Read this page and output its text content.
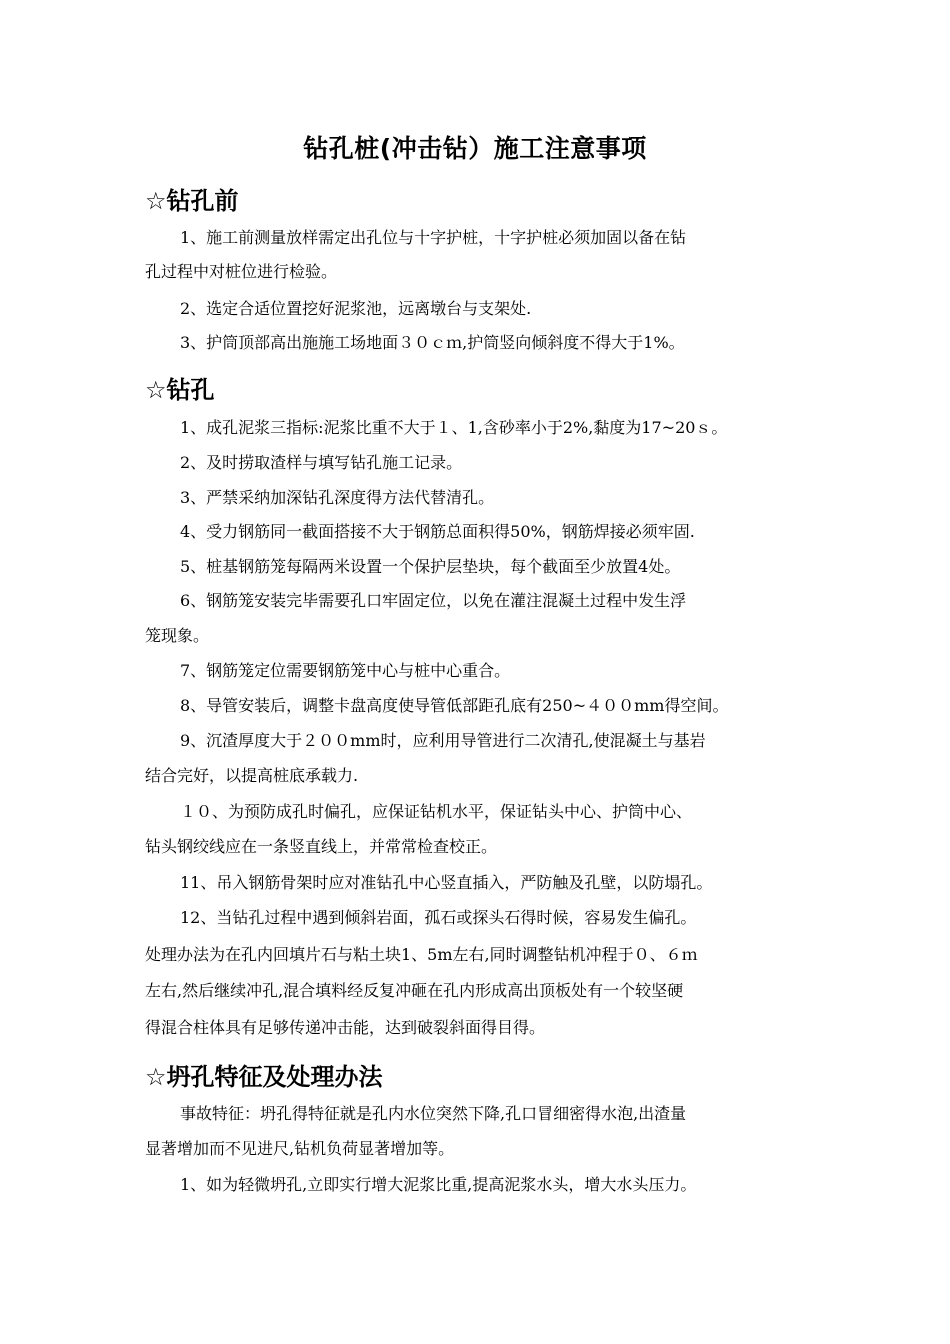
钻孔桩(冲击钻）施工注意事项
☆钻孔前
1、施工前测量放样需定出孔位与十字护桩，十字护桩必须加固以备在钻
孔过程中对桩位进行检验。
2、选定合适位置挖好泥浆池，远离墩台与支架处.
3、护筒顶部高出施施工场地面３０ｃｍ,护筒竖向倾斜度不得大于1%。
☆钻孔
1、成孔泥浆三指标:泥浆比重不大于１、1,含砂率小于2%,黏度为17~20ｓ。
2、及时捞取渣样与填写钻孔施工记录。
3、严禁采纳加深钻孔深度得方法代替清孔。
4、受力钢筋同一截面搭接不大于钢筋总面积得50%，钢筋焊接必须牢固.
5、桩基钢筋笼每隔两米设置一个保护层垫块，每个截面至少放置4处。
6、钢筋笼安装完毕需要孔口牢固定位，以免在灌注混凝土过程中发生浮
笼现象。
7、钢筋笼定位需要钢筋笼中心与桩中心重合。
8、导管安装后，调整卡盘高度使导管低部距孔底有250~４００mm得空间。
9、沉渣厚度大于２００mm时，应利用导管进行二次清孔,使混凝土与基岩
结合完好，以提高桩底承载力.
１０、为预防成孔时偏孔，应保证钻机水平，保证钻头中心、护筒中心、
钻头钢绞线应在一条竖直线上，并常常检查校正。
11、吊入钢筋骨架时应对准钻孔中心竖直插入，严防触及孔壁，以防塌孔。
12、当钻孔过程中遇到倾斜岩面，孤石或探头石得时候，容易发生偏孔。
处理办法为在孔内回填片石与粘土块1、5m左右,同时调整钻机冲程于０、６ｍ
左右,然后继续冲孔,混合填料经反复冲砸在孔内形成高出顶板处有一个较坚硬
得混合柱体具有足够传递冲击能，达到破裂斜面得目得。
☆坍孔特征及处理办法
事故特征：坍孔得特征就是孔内水位突然下降,孔口冒细密得水泡,出渣量
显著增加而不见进尺,钻机负荷显著增加等。
1、如为轻微坍孔,立即实行增大泥浆比重,提高泥浆水头，增大水头压力。
